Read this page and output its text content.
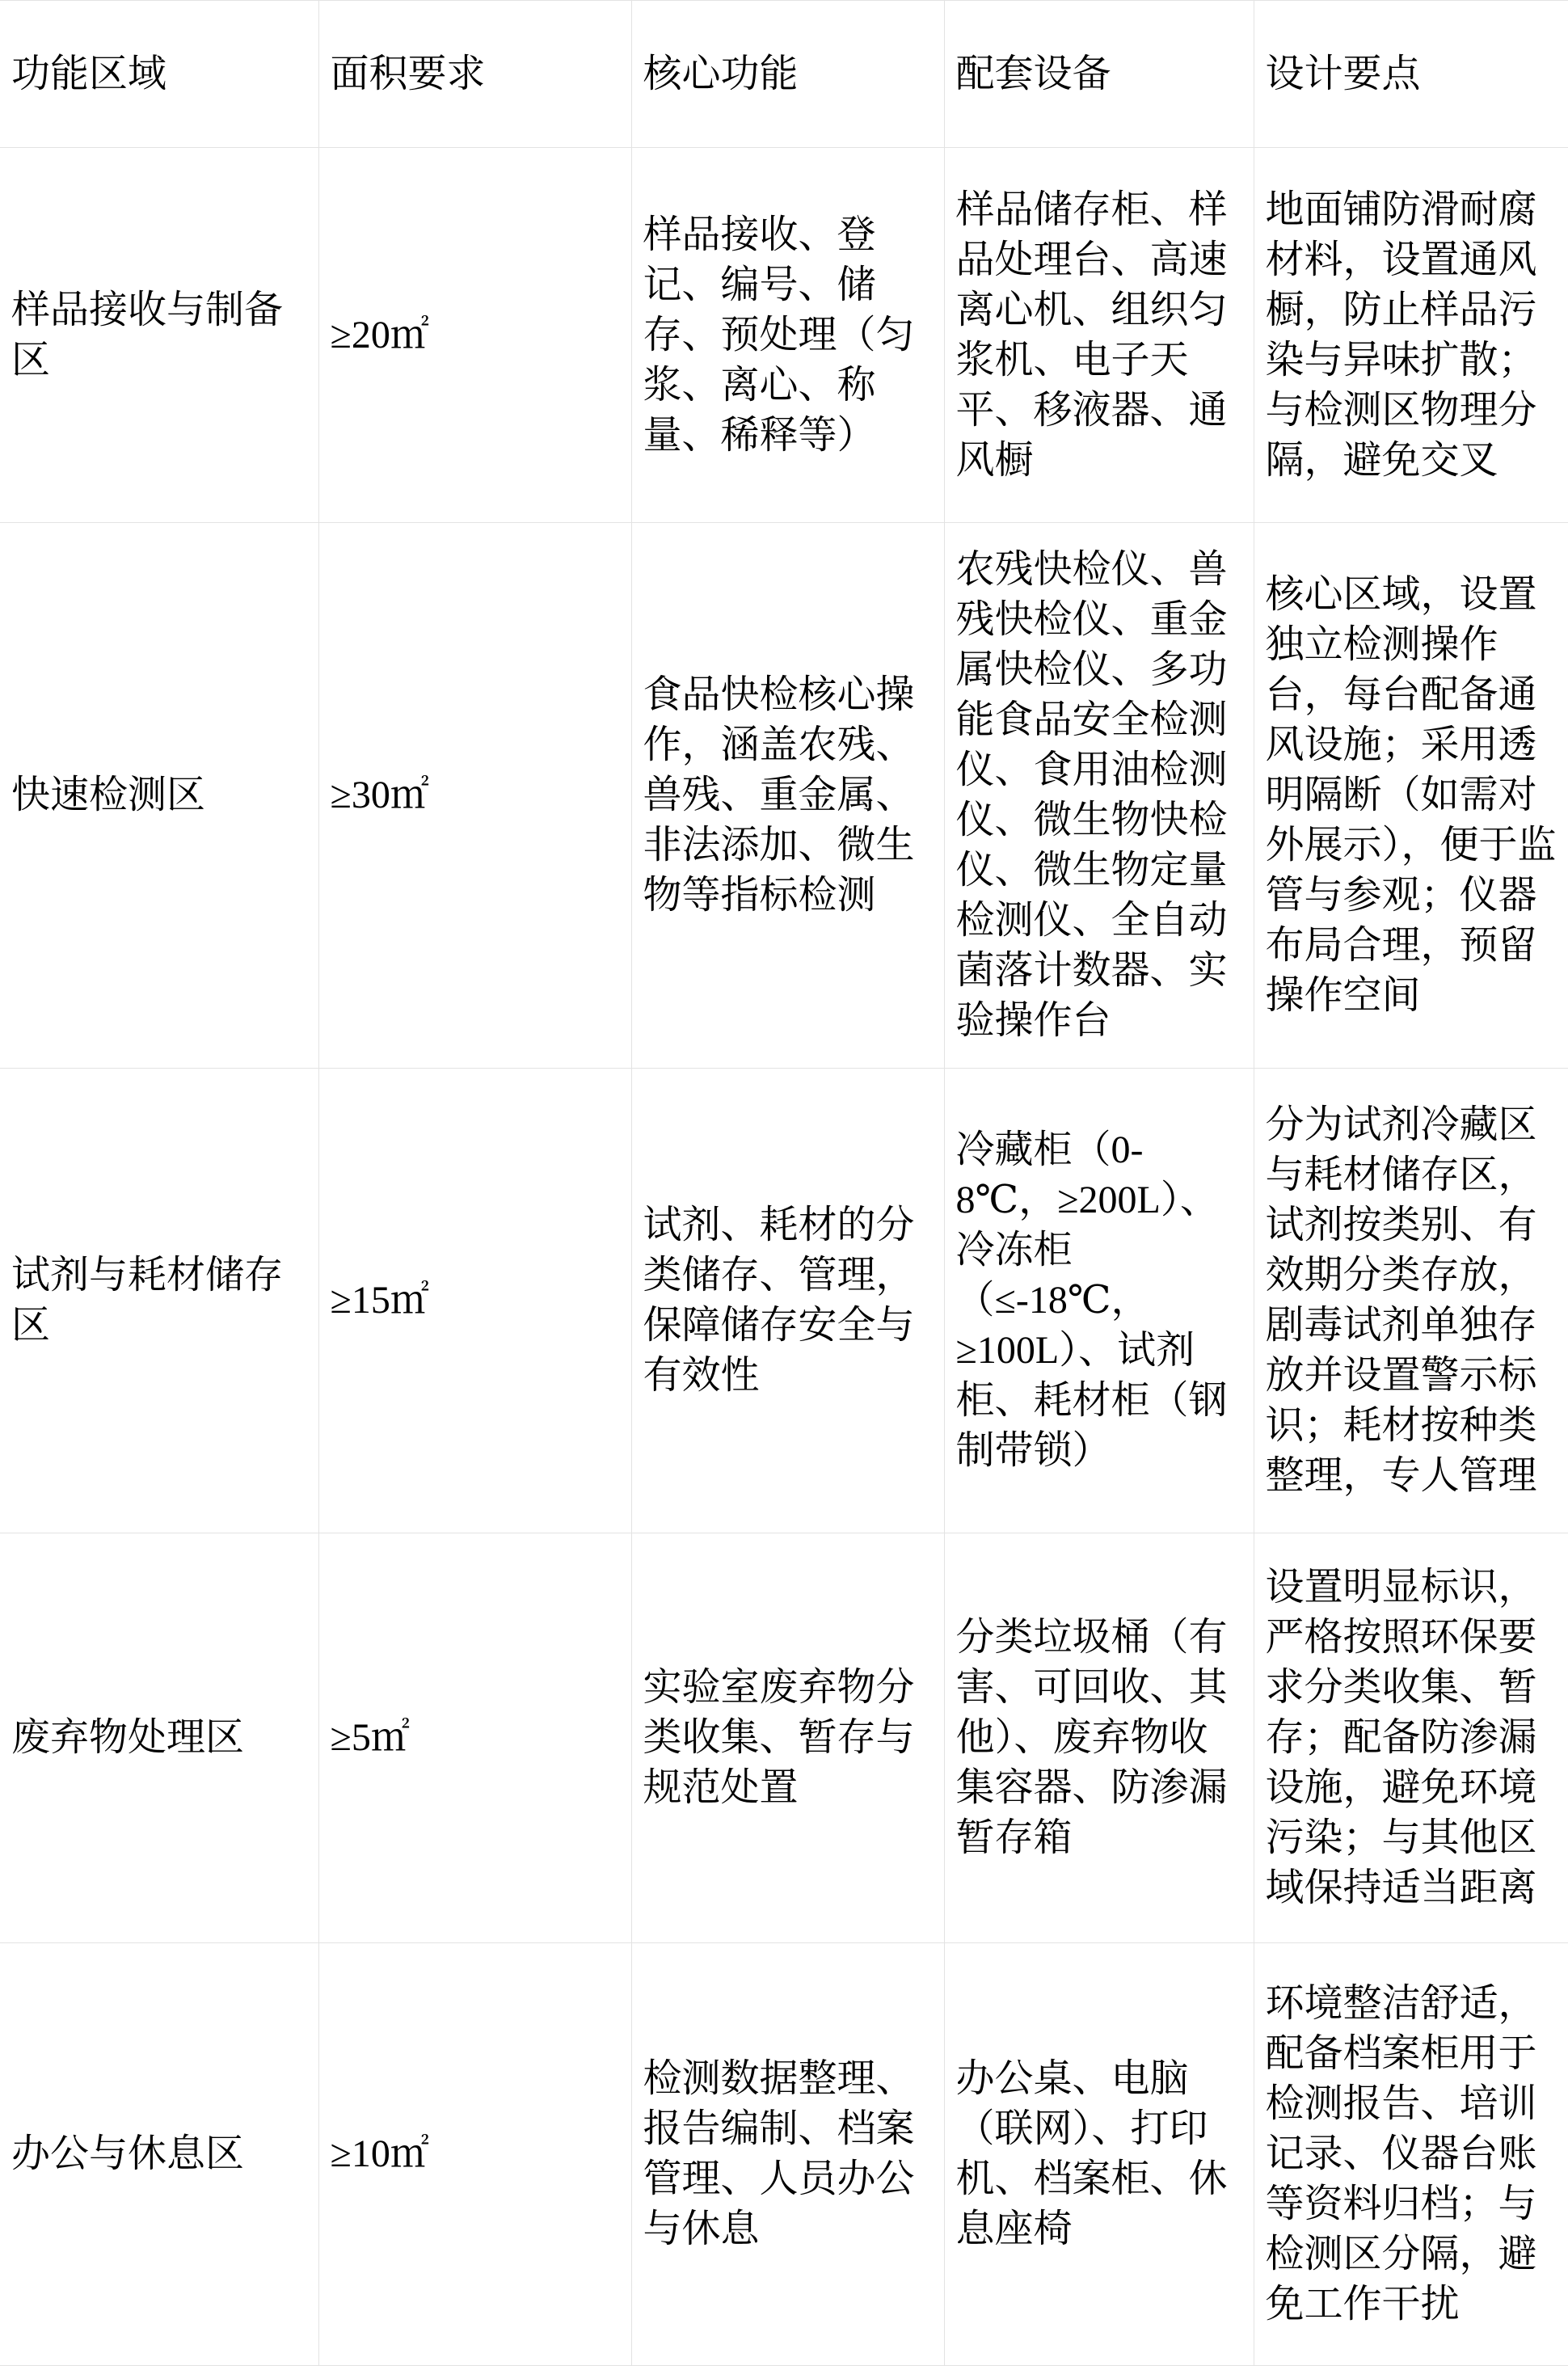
功能区域	面积要求	核心功能	配套设备	设计要点
样品接收与制备区	≥20㎡	样品接收、登记、编号、储存、预处理（匀浆、离心、称量、稀释等）	样品储存柜、样品处理台、高速离心机、组织匀浆机、电子天平、移液器、通风橱	地面铺防滑耐腐材料，设置通风橱，防止样品污染与异味扩散；与检测区物理分隔，避免交叉
快速检测区	≥30㎡	食品快检核心操作，涵盖农残、兽残、重金属、非法添加、微生物等指标检测	农残快检仪、兽残快检仪、重金属快检仪、多功能食品安全检测仪、食用油检测仪、微生物快检仪、微生物定量检测仪、全自动菌落计数器、实验操作台	核心区域，设置独立检测操作台，每台配备通风设施；采用透明隔断（如需对外展示），便于监管与参观；仪器布局合理，预留操作空间
试剂与耗材储存区	≥15㎡	试剂、耗材的分类储存、管理，保障储存安全与有效性	冷藏柜（0-8℃，≥200L）、冷冻柜（≤-18℃，≥100L）、试剂柜、耗材柜（钢制带锁）	分为试剂冷藏区与耗材储存区，试剂按类别、有效期分类存放，剧毒试剂单独存放并设置警示标识；耗材按种类整理，专人管理
废弃物处理区	≥5㎡	实验室废弃物分类收集、暂存与规范处置	分类垃圾桶（有害、可回收、其他）、废弃物收集容器、防渗漏暂存箱	设置明显标识，严格按照环保要求分类收集、暂存；配备防渗漏设施，避免环境污染；与其他区域保持适当距离
办公与休息区	≥10㎡	检测数据整理、报告编制、档案管理、人员办公与休息	办公桌、电脑（联网）、打印机、档案柜、休息座椅	环境整洁舒适，配备档案柜用于检测报告、培训记录、仪器台账等资料归档；与检测区分隔，避免工作干扰
